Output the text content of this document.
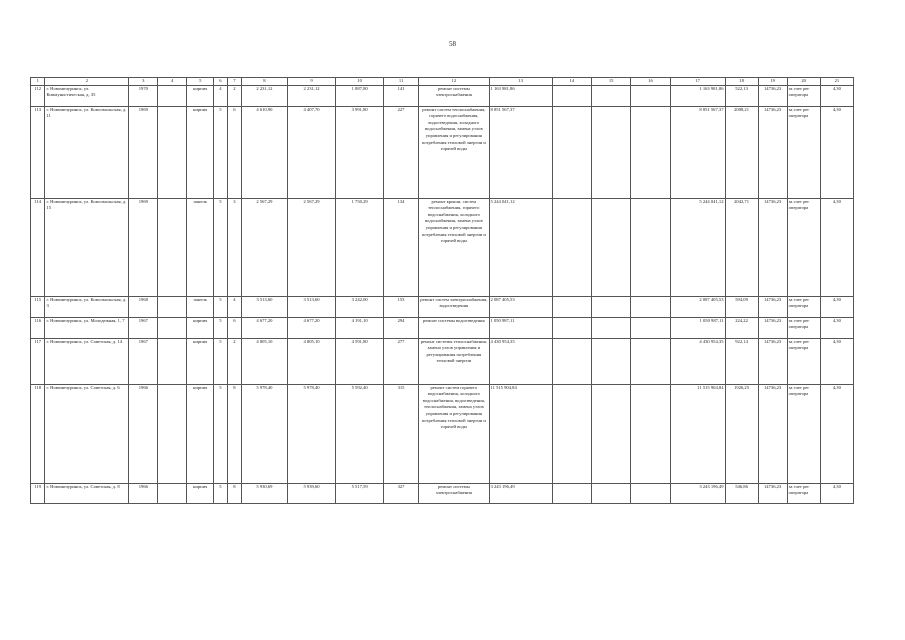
58
1	2	3	4	5	6	7	8	9	10	11	12	13	14	15	16	17	18	19	20	21
112	г. Новомичуринск, ул. Коммунистическая, д. 35	1970		кирпич	4	2	2 231,12	2 231,12	1 887,80	141	ремонт системы электроснабжения	1 163 981,86				1 163 981,86	522,13	14736,23	за счет рег оператора	4,30
113	г. Новомичуринск, ул. Комсомольская, д. 11	1969		кирпич	5	6	4 610,90	4 407,70	3 991,80	227	ремонт систем теплоснабжения, горячего водоснабжения, водоотведения, холодного водоснабжения, замена узлов управления и регулирования потребления тепловой энергии и горячей воды	8 851 567,37				8 851 567,37	2008,21	14736,23	за счет рег оператора	4,30
114	г. Новомичуринск, ул. Комсомольская, д. 15	1969		панель	5	3	2 567,29	2 567,29	1 750,29	134	ремонт крыши, систем теплоснабжения, горячего водоснабжения, холодного водоснабжения, замена узлов управления и регулирования потребления тепловой энергии и горячей воды	5 244 041,12				5 244 041,12	2042,71	14736,23	за счет рег оператора	4,30
115	г. Новомичуринск, ул. Комсомольская, д. 3	1968		панель	5	4	3 513,60	3 513,60	3 242,00	153	ремонт систем электроснабжения, водоотведения	2 087 405,53				2 087 405,53	594,09	14736,23	за счет рег оператора	4,30
116	г. Новомичуринск, ул. Молодежная, 1, 7	1967		кирпич	5	6	4 677,20	4 677,20	4 191,10	294	ремонт системы водоотведения	1 050 987,11				1 050 987,11	224,22	14736,23	за счет рег оператора	4,30
117	г. Новомичуринск, ул. Советская, д. 14	1967		кирпич	5	2	4 805,10	4 805,10	4 591,80	277	ремонт системы теплоснабжения, замена узлов управления и регулирования потребления тепловой энергии	4 430 954,35				4 430 954,35	922,14	14736,23	за счет рег оператора	4,30
118	г. Новомичуринск, ул. Советская, д. 6	1966		кирпич	5	8	5 978,40	5 978,40	5 592,40	315	ремонт систем горячего водоснабжения, холодного водоснабжения, водоотведения, теплоснабжения, замена узлов управления и регулирования потребления тепловой энергии и горячей воды	11 515 904,84				11 515 904,84	1926,25	14736,23	за счет рег оператора	4,30
119	г. Новомичуринск, ул. Советская, д. 8	1966		кирпич	5	8	5 930,69	5 939,60	5 517,59	327	ремонт системы электроснабжения	3 243 196,49				3 243 196,49	546,86	14736,23	за счет рег оператора	4,30
